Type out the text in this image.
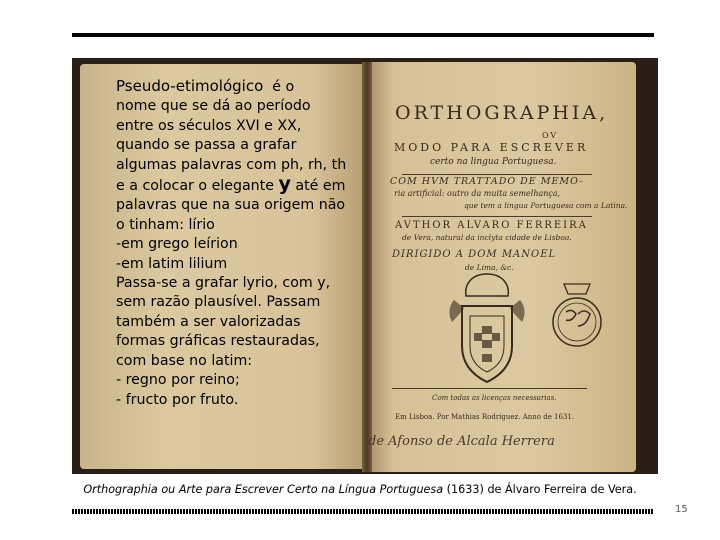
Pseudo-etimológico é o

nome que se dá ao período

entre os séculos XVI e XX,

quando se passa a grafar

algumas palavras com ph, rh, th

e a colocar o elegante y até em

palavras que na sua origem não

o tinham: lírio

-em grego leírion

-em latim lilium

Passa-se a grafar lyrio, com y,

sem razão plausível. Passam

também a ser valorizadas

formas gráficas restauradas,

com base no latim:

- regno por reino;

- fructo por fruto.

ORTHOGRAPHIA,
OV
MODO PARA ESCREVER
certo na lingua Portuguesa.
COM HVM TRATTADO DE MEMO-
ria artificial: outro da muita semelhança,
que tem a lingua Portuguesa com a Latina.
AVTHOR ALVARO FERREIRA
de Vera, natural da inclyta cidade de Lisboa.
DIRIGIDO A DOM MANOEL
de Lima, &c.
Com todas as licenças necessarias.
Em Lisboa. Por Mathias Rodriguez. Anno de 1631.
de Afonso de Alcala Herrera
Orthographia ou Arte para Escrever Certo na Língua Portuguesa (1633) de Álvaro Ferreira de Vera.
15
